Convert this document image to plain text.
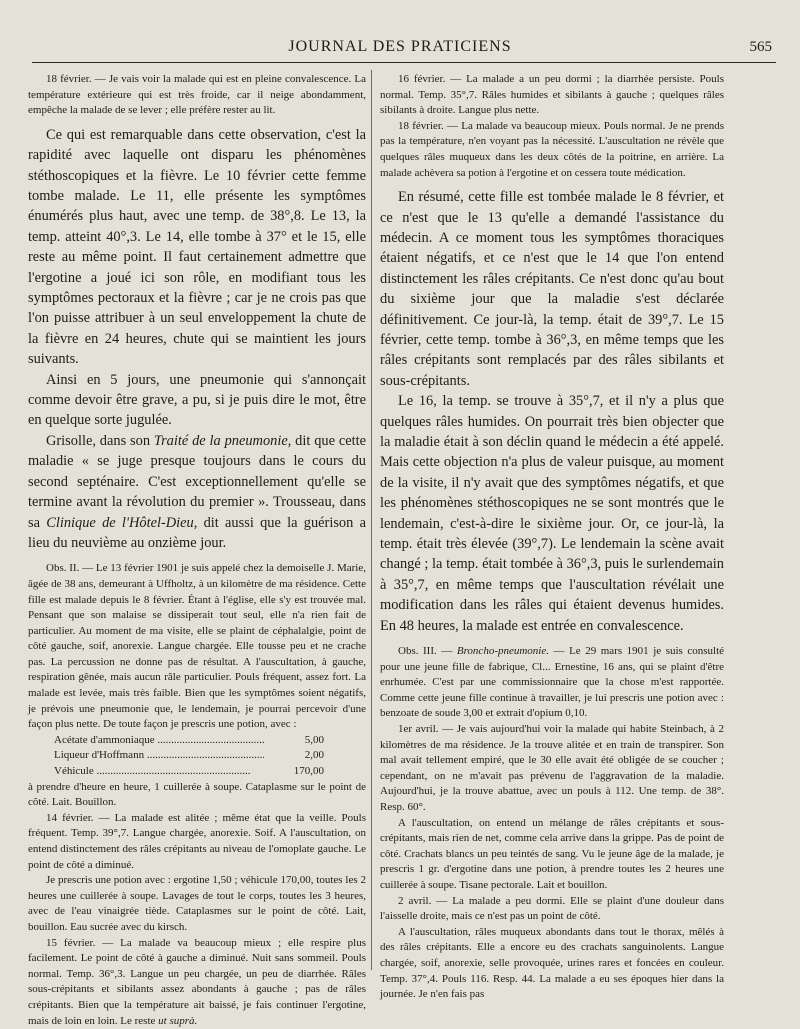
JOURNAL DES PRATICIENS	565

18 février. — Je vais voir la malade qui est en pleine convalescence. La température extérieure qui est très froide, car il neige abondamment, empêche la malade de se lever ; elle préfère rester au lit.

Ce qui est remarquable dans cette observation, c'est la rapidité avec laquelle ont disparu les phénomènes stéthoscopiques et la fièvre. Le 10 février cette femme tombe malade. Le 11, elle présente les symptômes énumérés plus haut, avec une temp. de 38°,8. Le 13, la temp. atteint 40°,3. Le 14, elle tombe à 37° et le 15, elle reste au même point. Il faut certainement admettre que l'ergotine a joué ici son rôle, en modifiant tous les symptômes pectoraux et la fièvre ; car je ne crois pas que l'on puisse attribuer à un seul enveloppement la chute de la fièvre en 24 heures, chute qui se maintient les jours suivants.

Ainsi en 5 jours, une pneumonie qui s'annonçait comme devoir être grave, a pu, si je puis dire le mot, être en quelque sorte jugulée.

Grisolle, dans son Traité de la pneumonie, dit que cette maladie « se juge presque toujours dans le cours du second septénaire. C'est exceptionnellement qu'elle se termine avant la révolution du premier ». Trousseau, dans sa Clinique de l'Hôtel-Dieu, dit aussi que la guérison a lieu du neuvième au onzième jour.

Obs. II. — Le 13 février 1901 je suis appelé chez la demoiselle J. Marie, âgée de 38 ans, demeurant à Uffholtz, à un kilomètre de ma résidence. Cette fille est malade depuis le 8 février. Étant à l'église, elle s'y est trouvée mal. Pensant que son malaise se dissiperait tout seul, elle n'a rien fait de particulier. Au moment de ma visite, elle se plaint de céphalalgie, point de côté gauche, soif, anorexie. Langue chargée. Elle tousse peu et ne crache pas. La percussion ne donne pas de résultat. A l'auscultation, à gauche, respiration gênée, mais aucun râle particulier. Pouls fréquent, assez fort. La malade est levée, mais très faible. Bien que les symptômes soient négatifs, je prévois une pneumonie que, le lendemain, je pourrai percevoir d'une façon plus nette. De toute façon je prescris une potion, avec :

Acétate d'ammoniaque .....	5,00
Liqueur d'Hoffmann .....	2,00
Véhicule .....	170,00

à prendre d'heure en heure, 1 cuillerée à soupe. Cataplasme sur le point de côté. Lait. Bouillon.

14 février. — La malade est alitée ; même état que la veille. Pouls fréquent. Temp. 39°,7. Langue chargée, anorexie. Soif. A l'auscultation, on entend distinctement des râles crépitants au niveau de l'omoplate gauche. Le point de côté a diminué.

Je prescris une potion avec : ergotine 1,50 ; véhicule 170,00, toutes les 2 heures une cuillerée à soupe. Lavages de tout le corps, toutes les 3 heures, avec de l'eau vinaigrée tiède. Cataplasmes sur le point de côté. Lait, bouillon. Eau sucrée avec du kirsch.

15 février. — La malade va beaucoup mieux ; elle respire plus facilement. Le point de côté à gauche a diminué. Nuit sans sommeil. Pouls normal. Temp. 36°,3. Langue un peu chargée, un peu de diarrhée. Râles sous-crépitants et sibilants assez abondants à gauche ; pas de râles crépitants. Bien que la température ait baissé, je fais continuer l'ergotine, mais de loin en loin. Le reste ut suprà.

16 février. — La malade a un peu dormi ; la diarrhée persiste. Pouls normal. Temp. 35°,7. Râles humides et sibilants à gauche ; quelques râles sibilants à droite. Langue plus nette.

18 février. — La malade va beaucoup mieux. Pouls normal. Je ne prends pas la température, n'en voyant pas la nécessité. L'auscultation ne révèle que quelques râles muqueux dans les deux côtés de la poitrine, en arrière. La malade achèvera sa potion à l'ergotine et on cessera toute médication.

En résumé, cette fille est tombée malade le 8 février, et ce n'est que le 13 qu'elle a demandé l'assistance du médecin. A ce moment tous les symptômes thoraciques étaient négatifs, et ce n'est que le 14 que l'on entend distinctement les râles crépitants. Ce n'est donc qu'au bout du sixième jour que la maladie s'est déclarée définitivement. Ce jour-là, la temp. était de 39°,7. Le 15 février, cette temp. tombe à 36°,3, en même temps que les râles crépitants sont remplacés par des râles sibilants et sous-crépitants.

Le 16, la temp. se trouve à 35°,7, et il n'y a plus que quelques râles humides. On pourrait très bien objecter que la maladie était à son déclin quand le médecin a été appelé. Mais cette objection n'a plus de valeur puisque, au moment de la visite, il n'y avait que des symptômes négatifs, et que les phénomènes stéthoscopiques ne se sont montrés que le lendemain, c'est-à-dire le sixième jour. Or, ce jour-là, la temp. était très élevée (39°,7). Le lendemain la scène avait changé ; la temp. était tombée à 36°,3, puis le surlendemain à 35°,7, en même temps que l'auscultation révélait une modification dans les râles qui étaient devenus humides. En 48 heures, la malade est entrée en convalescence.

Obs. III. — Broncho-pneumonie. — Le 29 mars 1901 je suis consulté pour une jeune fille de fabrique, Cl... Ernestine, 16 ans, qui se plaint d'être enrhumée. C'est par une commissionnaire que la chose m'est rapportée. Comme cette jeune fille continue à travailler, je lui prescris une potion avec : benzoate de soude 3,00 et extrait d'opium 0,10.

1er avril. — Je vais aujourd'hui voir la malade qui habite Steinbach, à 2 kilomètres de ma résidence. Je la trouve alitée et en train de transpirer. Son mal avait tellement empiré, que le 30 elle avait été obligée de se coucher ; cependant, on ne m'avait pas prévenu de l'aggravation de la maladie. Aujourd'hui, je la trouve abattue, avec un pouls à 112. Une temp. de 38°. Resp. 60°.

A l'auscultation, on entend un mélange de râles crépitants et sous-crépitants, mais rien de net, comme cela arrive dans la grippe. Pas de point de côté. Crachats blancs un peu teintés de sang. Vu le jeune âge de la malade, je prescris 1 gr. d'ergotine dans une potion, à prendre toutes les 2 heures une cuillerée à soupe. Tisane pectorale. Lait et bouillon.

2 avril. — La malade a peu dormi. Elle se plaint d'une douleur dans l'aisselle droite, mais ce n'est pas un point de côté.

A l'auscultation, râles muqueux abondants dans tout le thorax, mêlés à des râles crépitants. Elle a encore eu des crachats sanguinolents. Langue chargée, soif, anorexie, selle provoquée, urines rares et foncées en couleur. Temp. 37°,4. Pouls 116. Resp. 44. La malade a eu ses époques hier dans la journée. Je n'en fais pas
